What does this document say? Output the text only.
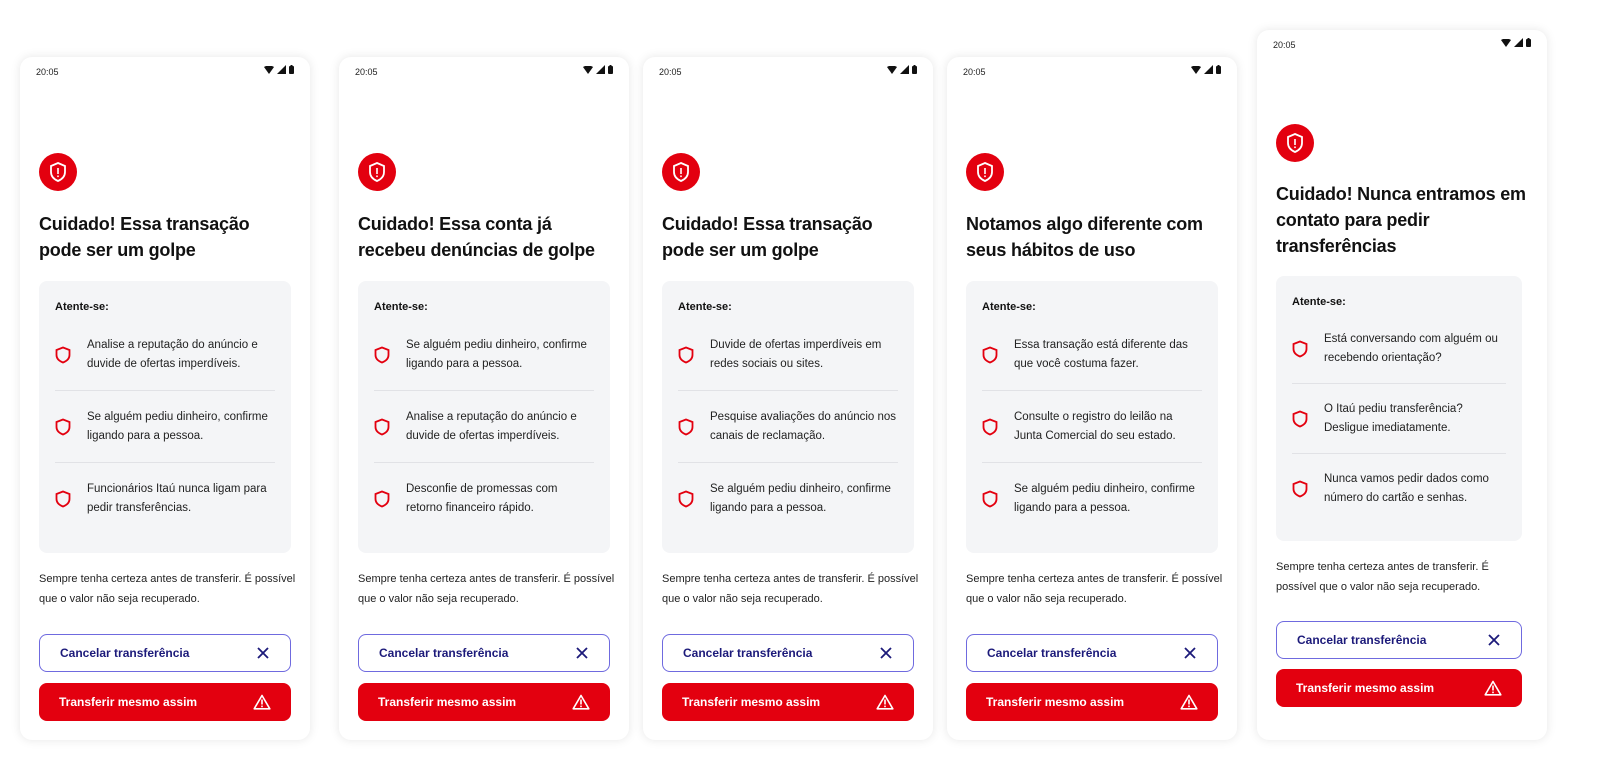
20:05
Cuidado! Essa transação pode ser um golpe
Atente-se:
Analise a reputação do anúncio e duvide de ofertas imperdíveis.
Se alguém pediu dinheiro, confirme ligando para a pessoa.
Funcionários Itaú nunca ligam para pedir transferências.
Sempre tenha certeza antes de transferir. É possível que o valor não seja recuperado.
Cancelar transferência
Transferir mesmo assim
20:05
Cuidado! Essa conta já recebeu denúncias de golpe
Atente-se:
Se alguém pediu dinheiro, confirme ligando para a pessoa.
Analise a reputação do anúncio e duvide de ofertas imperdíveis.
Desconfie de promessas com retorno financeiro rápido.
Sempre tenha certeza antes de transferir. É possível que o valor não seja recuperado.
Cancelar transferência
Transferir mesmo assim
20:05
Cuidado! Essa transação pode ser um golpe
Atente-se:
Duvide de ofertas imperdíveis em redes sociais ou sites.
Pesquise avaliações do anúncio nos canais de reclamação.
Se alguém pediu dinheiro, confirme ligando para a pessoa.
Sempre tenha certeza antes de transferir. É possível que o valor não seja recuperado.
Cancelar transferência
Transferir mesmo assim
20:05
Notamos algo diferente com seus hábitos de uso
Atente-se:
Essa transação está diferente das que você costuma fazer.
Consulte o registro do leilão na Junta Comercial do seu estado.
Se alguém pediu dinheiro, confirme ligando para a pessoa.
Sempre tenha certeza antes de transferir. É possível que o valor não seja recuperado.
Cancelar transferência
Transferir mesmo assim
20:05
Cuidado! Nunca entramos em contato para pedir transferências
Atente-se:
Está conversando com alguém ou recebendo orientação?
O Itaú pediu transferência? Desligue imediatamente.
Nunca vamos pedir dados como número do cartão e senhas.
Sempre tenha certeza antes de transferir. É possível que o valor não seja recuperado.
Cancelar transferência
Transferir mesmo assim
